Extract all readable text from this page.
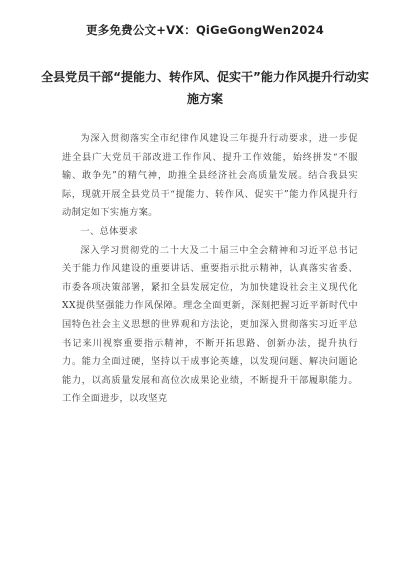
更多免费公文+VX：QiGeGongWen2024
全县党员干部“提能力、转作风、促实干”能力作风提升行动实施方案

为深入贯彻落实全市纪律作风建设三年提升行动要求，进一步促进全县广大党员干部改进工作作风、提升工作效能，始终拼发“不服输、敢争先”的精气神，助推全县经济社会高质量发展。结合我县实际，现就开展全县党员干“提能力、转作风、促实干”能力作风提升行动制定如下实施方案。

一、总体要求

深入学习贯彻党的二十大及二十届三中全会精神和习近平总书记关于能力作风建设的重要讲话、重要指示批示精神，认真落实省委、市委各项决策部署，紧扣全县发展定位，为加快建设社会主义现代化XX提供坚强能力作风保障。理念全面更新，深刻把握习近平新时代中国特色社会主义思想的世界观和方法论，更加深入贯彻落实习近平总书记来川视察重要指示精神，不断开拓思路、创新办法，提升执行力。能力全面过硬，坚持以干成事论英雄，以发现问题、解决问题论能力，以高质量发展和高位次成果论业绩，不断提升干部履职能力。工作全面进步，以攻坚克
